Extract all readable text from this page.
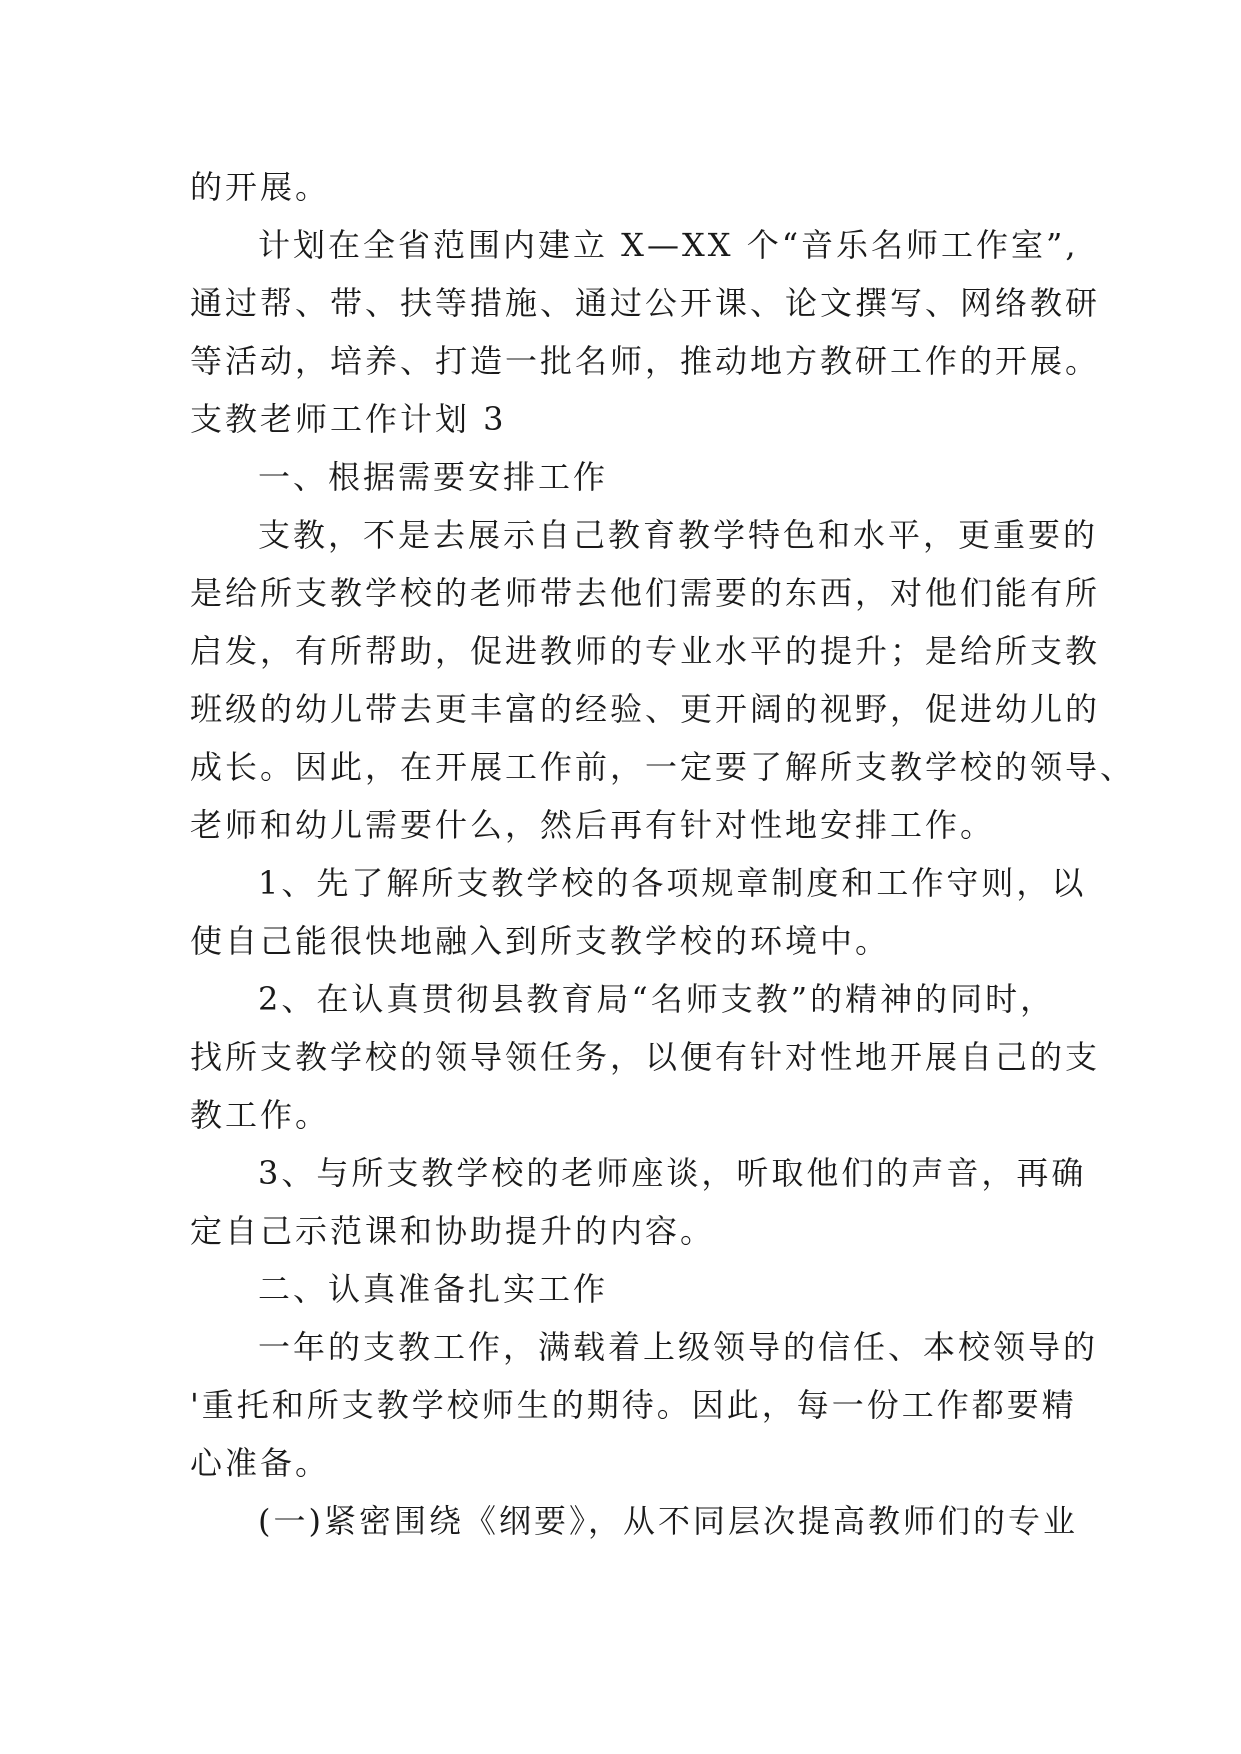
的开展。
计划在全省范围内建立 X—XX 个“音乐名师工作室”,
通过帮、带、扶等措施、通过公开课、论文撰写、网络教研
等活动，培养、打造一批名师，推动地方教研工作的开展。
支教老师工作计划 3
一、根据需要安排工作
支教，不是去展示自己教育教学特色和水平，更重要的
是给所支教学校的老师带去他们需要的东西，对他们能有所
启发，有所帮助，促进教师的专业水平的提升；是给所支教
班级的幼儿带去更丰富的经验、更开阔的视野，促进幼儿的
成长。因此，在开展工作前，一定要了解所支教学校的领导、
老师和幼儿需要什么，然后再有针对性地安排工作。
1、先了解所支教学校的各项规章制度和工作守则，以
使自己能很快地融入到所支教学校的环境中。
2、在认真贯彻县教育局“名师支教”的精神的同时，
找所支教学校的领导领任务，以便有针对性地开展自己的支
教工作。
3、与所支教学校的老师座谈，听取他们的声音，再确
定自己示范课和协助提升的内容。
二、认真准备扎实工作
一年的支教工作，满载着上级领导的信任、本校领导的
'重托和所支教学校师生的期待。因此，每一份工作都要精
心准备。
(一)紧密围绕《纲要》，从不同层次提高教师们的专业
